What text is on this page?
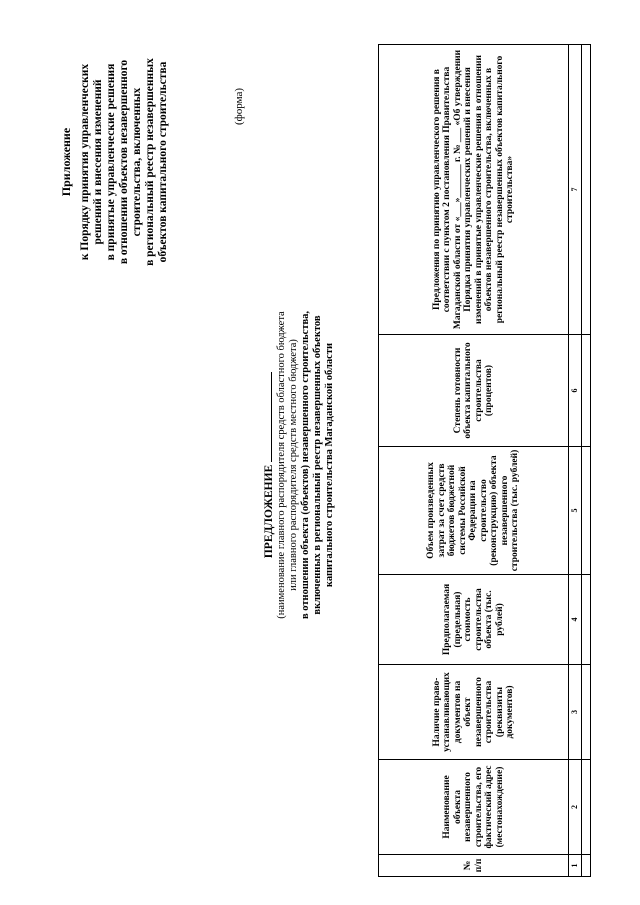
Приложение к Порядку принятия управленческих решений и внесения изменений в принятые управленческие решения в отношении объектов незавершенного строительства, включенных в региональный реестр незавершенных объектов капитального строительства	(форма)
ПРЕДЛОЖЕНИЕ (наименование главного распорядителя средств областного бюджета или главного распорядителя средств местного бюджета) в отношении объекта (объектов) незавершенного строительства, включенных в региональный реестр незавершенных объектов капитального строительства Магаданской области
№ п/п	Наименование объекта незавершенного строительства, его фактический адрес (местонахождение)	Наличие право-устанавливающих документов на объект незавершенного строительства (реквизиты документов)	Предполагаемая (предельная) стоимость строительства объекта (тыс. рублей)	Объем произведенных затрат за счет средств бюджетов бюджетной системы Российской Федерации на строительство (реконструкцию) объекта незавершенного строительства (тыс. рублей)	Степень готовности объекта капитального строительства (процентов)	Предложения по принятию управленческого решения в соответствии с пунктом 2 постановления Правительства Магаданской области от «___»_______ г. № ___ «Об утверждении Порядка принятия управленческих решений и внесения изменений в принятые управленческие решения в отношении объектов незавершенного строительства, включенных в региональный реестр незавершенных объектов капитального строительства»
1	2	3	4	5	6	7
